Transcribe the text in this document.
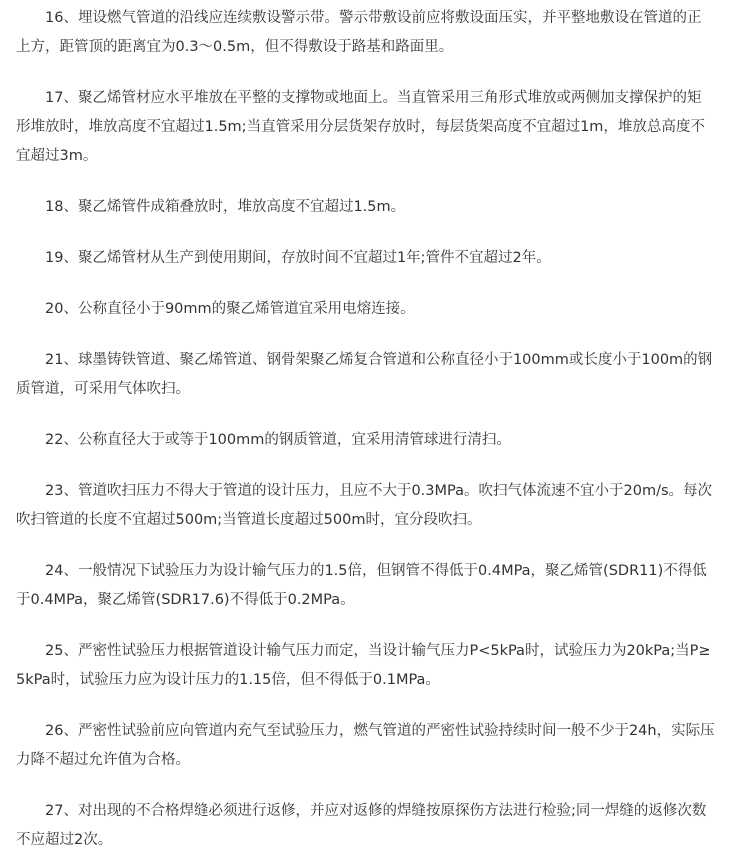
16、埋设燃气管道的沿线应连续敷设警示带。警示带敷设前应将敷设面压实，并平整地敷设在管道的正上方，距管顶的距离宜为0.3～0.5m，但不得敷设于路基和路面里。

17、聚乙烯管材应水平堆放在平整的支撑物或地面上。当直管采用三角形式堆放或两侧加支撑保护的矩形堆放时，堆放高度不宜超过1.5m;当直管采用分层货架存放时，每层货架高度不宜超过1m，堆放总高度不宜超过3m。

18、聚乙烯管件成箱叠放时，堆放高度不宜超过1.5m。

19、聚乙烯管材从生产到使用期间，存放时间不宜超过1年;管件不宜超过2年。

20、公称直径小于90mm的聚乙烯管道宜采用电熔连接。

21、球墨铸铁管道、聚乙烯管道、钢骨架聚乙烯复合管道和公称直径小于100mm或长度小于100m的钢质管道，可采用气体吹扫。

22、公称直径大于或等于100mm的钢质管道，宜采用清管球进行清扫。

23、管道吹扫压力不得大于管道的设计压力，且应不大于0.3MPa。吹扫气体流速不宜小于20m/s。每次吹扫管道的长度不宜超过500m;当管道长度超过500m时，宜分段吹扫。

24、一般情况下试验压力为设计输气压力的1.5倍，但钢管不得低于0.4MPa，聚乙烯管(SDR11)不得低于0.4MPa，聚乙烯管(SDR17.6)不得低于0.2MPa。

25、严密性试验压力根据管道设计输气压力而定，当设计输气压力P<5kPa时，试验压力为20kPa;当P≥5kPa时，试验压力应为设计压力的1.15倍，但不得低于0.1MPa。

26、严密性试验前应向管道内充气至试验压力，燃气管道的严密性试验持续时间一般不少于24h，实际压力降不超过允许值为合格。

27、对出现的不合格焊缝必须进行返修，并应对返修的焊缝按原探伤方法进行检验;同一焊缝的返修次数不应超过2次。
